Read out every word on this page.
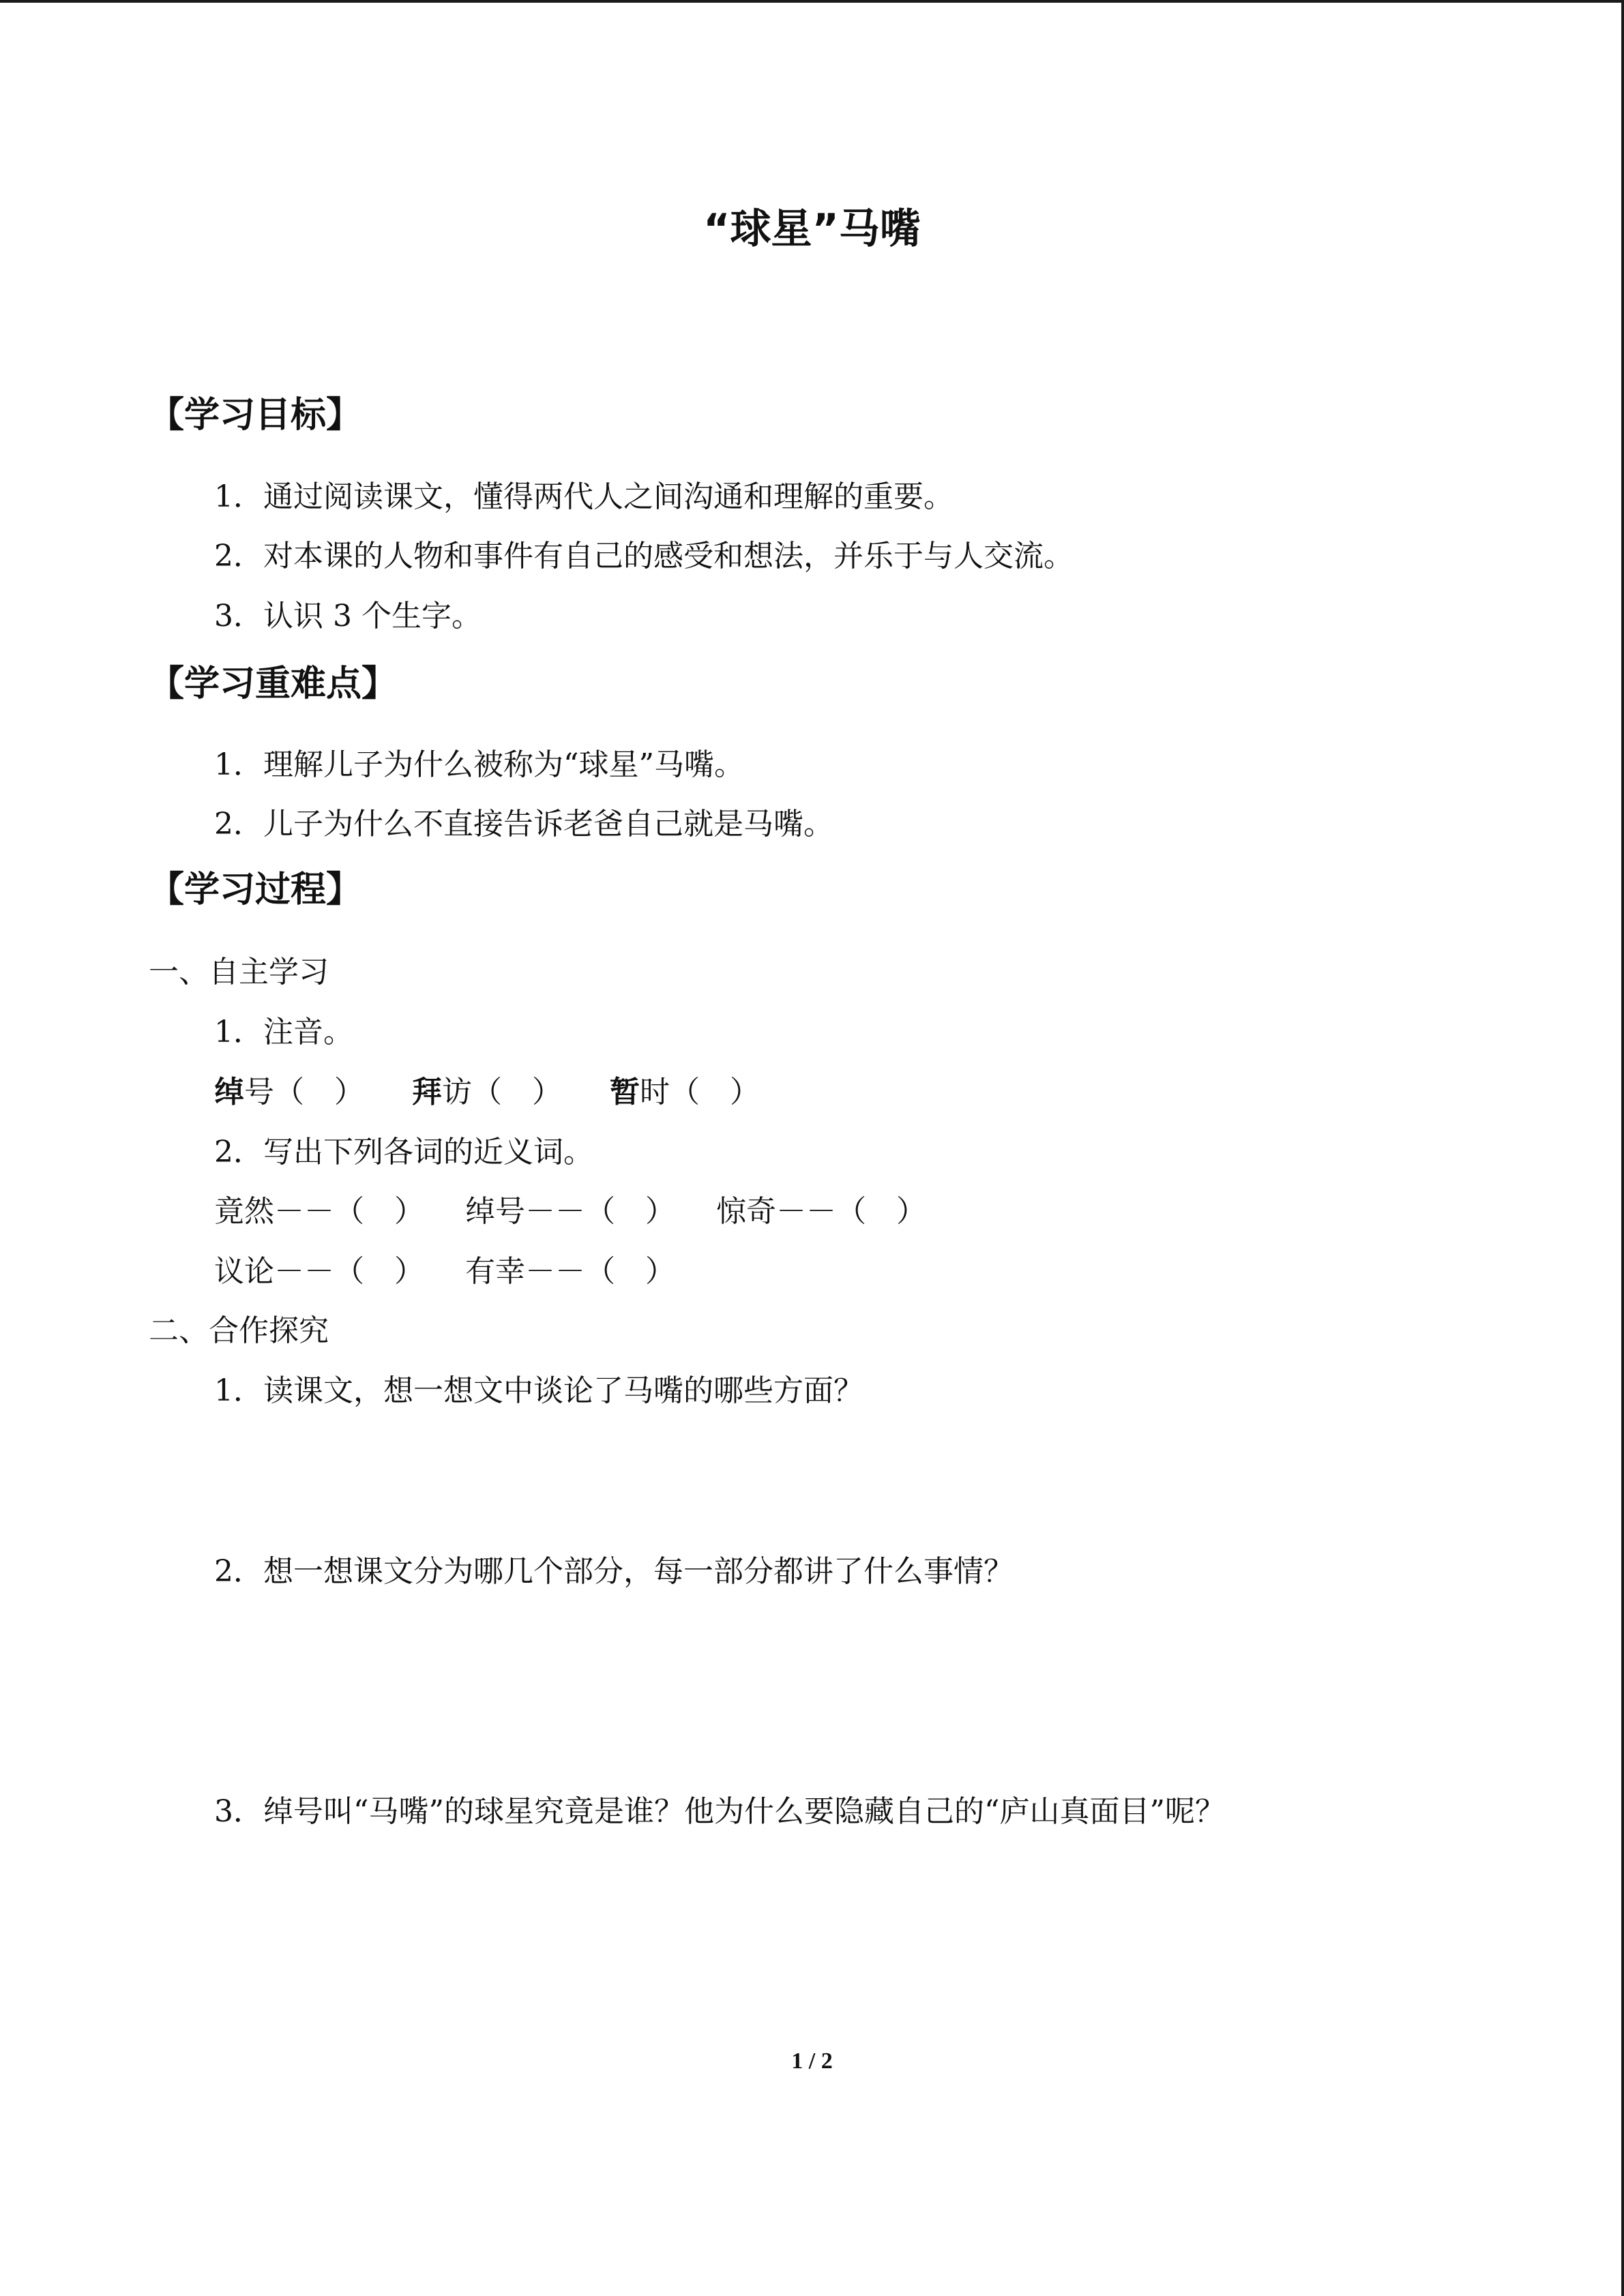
“球星”马嘴
【学习目标】
1．通过阅读课文，懂得两代人之间沟通和理解的重要。
2．对本课的人物和事件有自己的感受和想法，并乐于与人交流。
3．认识 3 个生字。
【学习重难点】
1．理解儿子为什么被称为“球星”马嘴。
2．儿子为什么不直接告诉老爸自己就是马嘴。
【学习过程】
一、自主学习
1．注音。
绰号（　） 拜访（　） 暂时（　）
2．写出下列各词的近义词。
竟然－－（　） 绰号－－（　） 惊奇－－（　）
议论－－（　） 有幸－－（　）
二、合作探究
1．读课文，想一想文中谈论了马嘴的哪些方面？
2．想一想课文分为哪几个部分，每一部分都讲了什么事情？
3．绰号叫“马嘴”的球星究竟是谁？他为什么要隐藏自己的“庐山真面目”呢？
1 / 2
